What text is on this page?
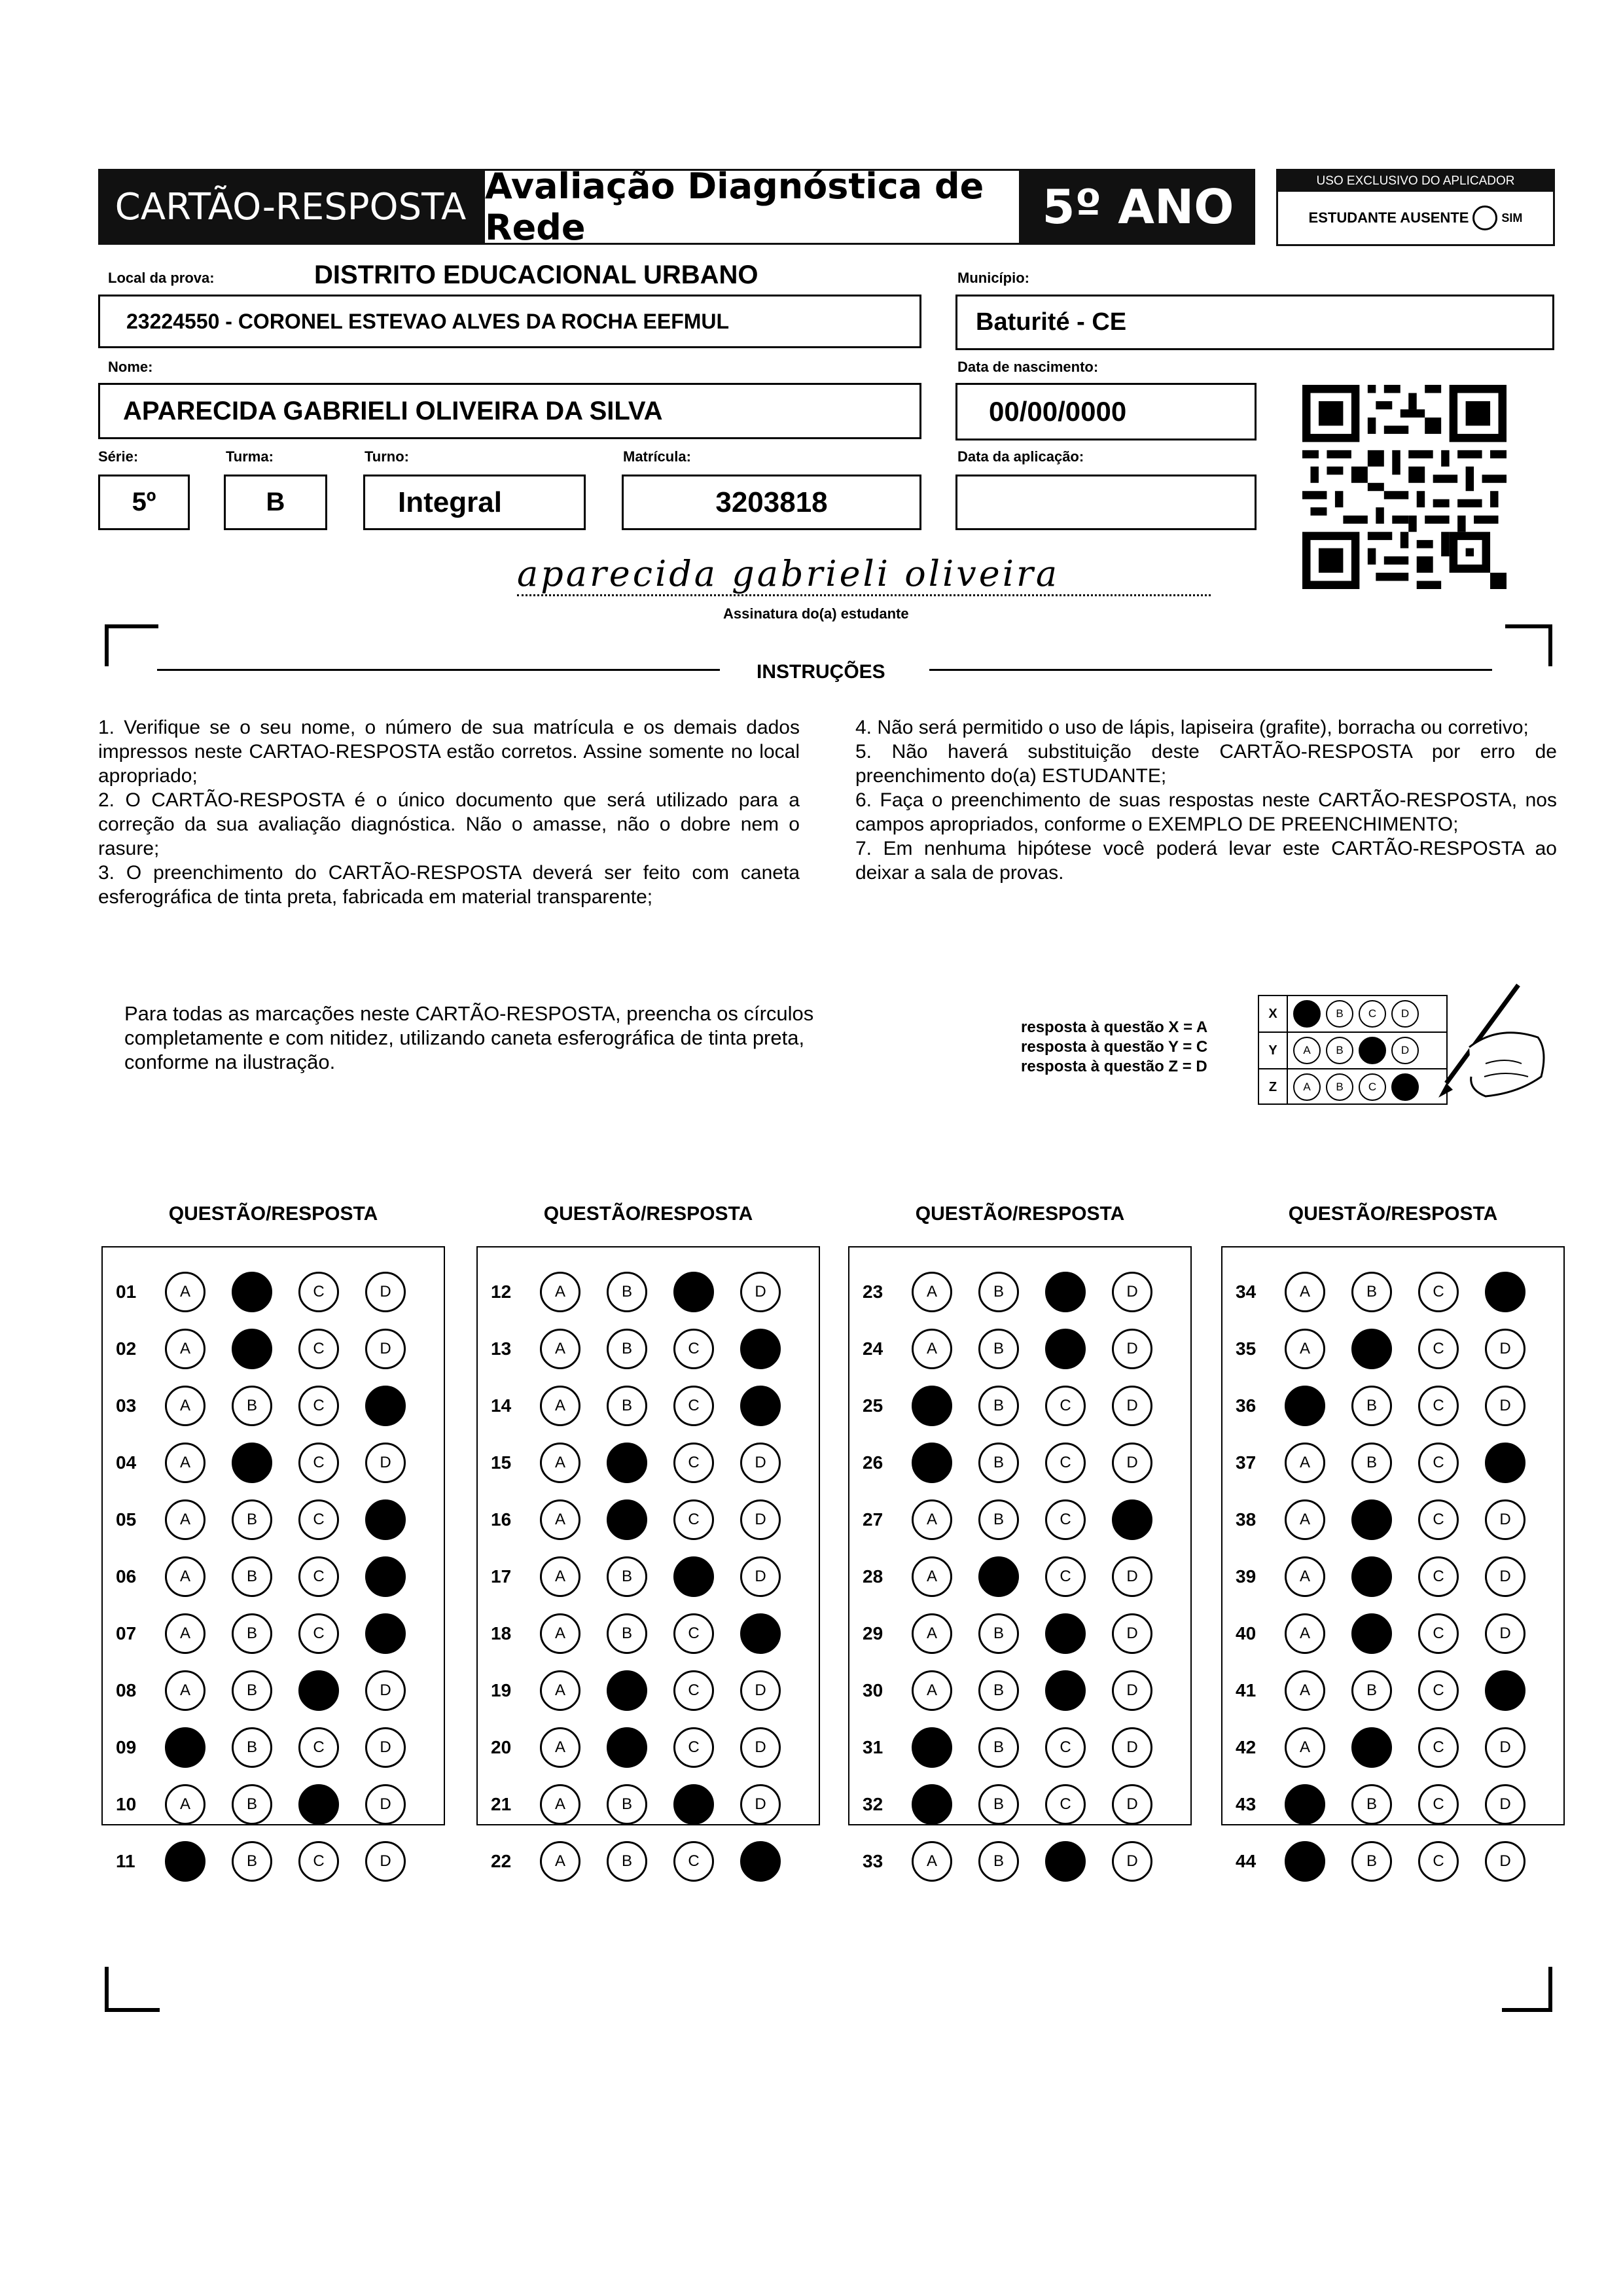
CARTÃO-RESPOSTA Avaliação Diagnóstica de Rede	5º ANO	USO EXCLUSIVO DO APLICADOR
ESTUDANTE AUSENTE	SIM
Local da prova:	DISTRITO EDUCACIONAL URBANO
23224550 - CORONEL ESTEVAO ALVES DA ROCHA EEFMUL
Município:
Baturité - CE
Nome:
APARECIDA GABRIELI OLIVEIRA DA SILVA
Data de nascimento:
00/00/0000
Série:
5º
Turma:
B
Turno:
Integral
Matrícula:
3203818
Data da aplicação:
aparecida gabrieli oliveira
Assinatura do(a) estudante
INSTRUÇÕES

1. Verifique se o seu nome, o número de sua matrícula e os demais dados impressos neste CARTAO-RESPOSTA estão corretos. Assine somente no local apropriado;

2. O CARTÃO-RESPOSTA é o único documento que será utilizado para a correção da sua avaliação diagnóstica. Não o amasse, não o dobre nem o rasure;

3. O preenchimento do CARTÃO-RESPOSTA deverá ser feito com caneta esferográfica de tinta preta, fabricada em material transparente;

4. Não será permitido o uso de lápis, lapiseira (grafite), borracha ou corretivo;

5. Não haverá substituição deste CARTÃO-RESPOSTA por erro de preenchimento do(a) ESTUDANTE;

6. Faça o preenchimento de suas respostas neste CARTÃO-RESPOSTA, nos campos apropriados, conforme o EXEMPLO DE PREENCHIMENTO;

7. Em nenhuma hipótese você poderá levar este CARTÃO-RESPOSTA ao deixar a sala de provas.

Para todas as marcações neste CARTÃO-RESPOSTA, preencha os círculos completamente e com nitidez, utilizando caneta esferográfica de tinta preta, conforme na ilustração.
resposta à questão X = A
resposta à questão Y = C
resposta à questão Z = D
X	A	B	C	D
Y	A	B	C	D
Z	A	B	C	D
QUESTÃO/RESPOSTA
01	A	B	C	D
02	A	B	C	D
03	A	B	C	D
04	A	B	C	D
05	A	B	C	D
06	A	B	C	D
07	A	B	C	D
08	A	B	C	D
09	A	B	C	D
10	A	B	C	D
11	A	B	C	D
QUESTÃO/RESPOSTA
12	A	B	C	D
13	A	B	C	D
14	A	B	C	D
15	A	B	C	D
16	A	B	C	D
17	A	B	C	D
18	A	B	C	D
19	A	B	C	D
20	A	B	C	D
21	A	B	C	D
22	A	B	C	D
QUESTÃO/RESPOSTA
23	A	B	C	D
24	A	B	C	D
25	A	B	C	D
26	A	B	C	D
27	A	B	C	D
28	A	B	C	D
29	A	B	C	D
30	A	B	C	D
31	A	B	C	D
32	A	B	C	D
33	A	B	C	D
QUESTÃO/RESPOSTA
34	A	B	C	D
35	A	B	C	D
36	A	B	C	D
37	A	B	C	D
38	A	B	C	D
39	A	B	C	D
40	A	B	C	D
41	A	B	C	D
42	A	B	C	D
43	A	B	C	D
44	A	B	C	D
